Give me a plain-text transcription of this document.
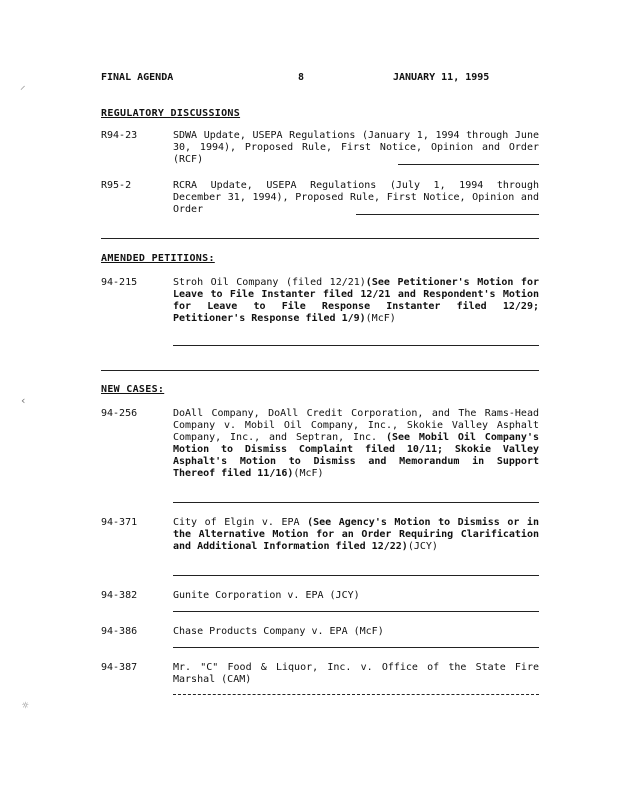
⸝
‹
☼
FINAL AGENDA	8	JANUARY 11, 1995
REGULATORY DISCUSSIONS
R94-23	SDWA Update, USEPA Regulations (January 1, 1994 through June 30, 1994), Proposed Rule, First Notice, Opinion and Order (RCF)
R95-2	RCRA Update, USEPA Regulations (July 1, 1994 through December 31, 1994), Proposed Rule, First Notice, Opinion and Order
AMENDED PETITIONS:
94-215	Stroh Oil Company (filed 12/21)(See Petitioner's Motion for Leave to File Instanter filed 12/21 and Respondent's Motion for Leave to File Response Instanter filed 12/29; Petitioner's Response filed 1/9)(McF)
NEW CASES:
94-256	DoAll Company, DoAll Credit Corporation, and The Rams-Head Company v. Mobil Oil Company, Inc., Skokie Valley Asphalt Company, Inc., and Septran, Inc. (See Mobil Oil Company's Motion to Dismiss Complaint filed 10/11; Skokie Valley Asphalt's Motion to Dismiss and Memorandum in Support Thereof filed 11/16)(McF)
94-371	City of Elgin v. EPA (See Agency's Motion to Dismiss or in the Alternative Motion for an Order Requiring Clarification and Additional Information filed 12/22)(JCY)
94-382	Gunite Corporation v. EPA (JCY)
94-386	Chase Products Company v. EPA (McF)
94-387	Mr. "C" Food & Liquor, Inc. v. Office of the State Fire Marshal (CAM)
